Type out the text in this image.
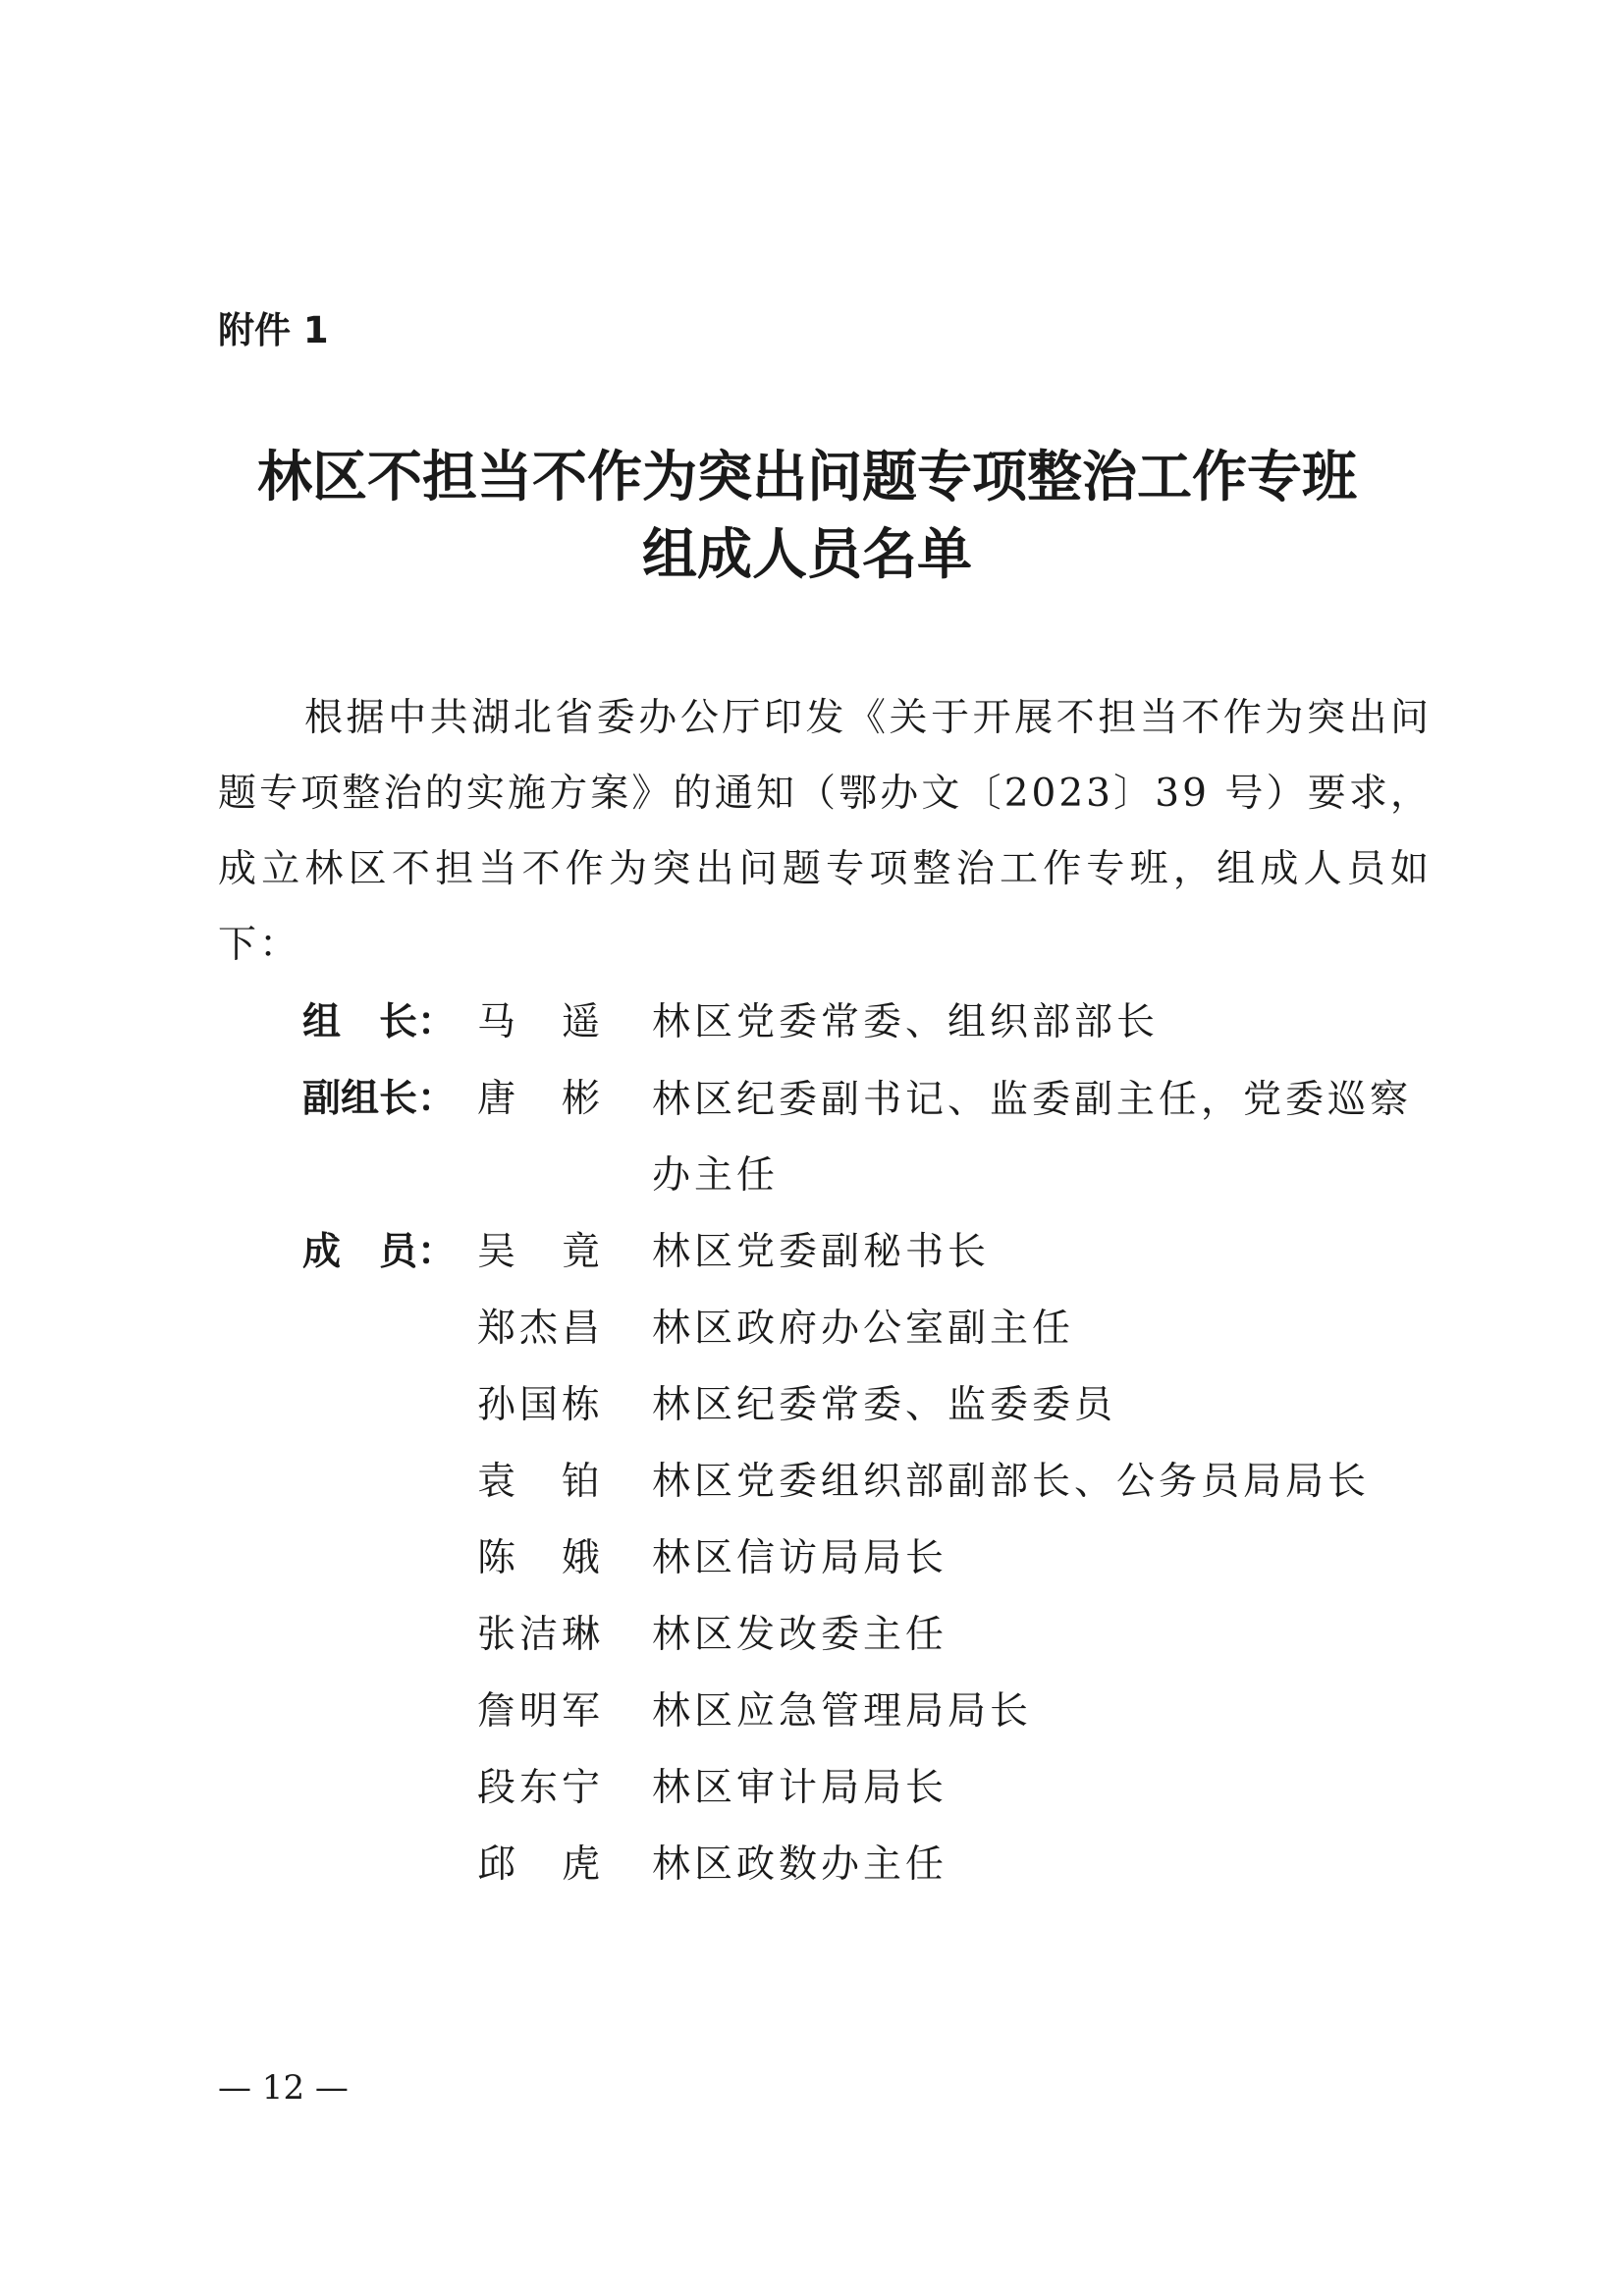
附件 1
林区不担当不作为突出问题专项整治工作专班
组成人员名单
根据中共湖北省委办公厅印发《关于开展不担当不作为突出问题专项整治的实施方案》的通知（鄂办文〔2023〕39 号）要求，成立林区不担当不作为突出问题专项整治工作专班，组成人员如下：
组　长： 马　遥 林区党委常委、组织部部长
副组长： 唐　彬 林区纪委副书记、监委副主任，党委巡察办主任
成　员： 吴　竟 林区党委副秘书长
郑杰昌 林区政府办公室副主任
孙国栋 林区纪委常委、监委委员
袁　铂 林区党委组织部副部长、公务员局局长
陈　娥 林区信访局局长
张洁琳 林区发改委主任
詹明军 林区应急管理局局长
段东宁 林区审计局局长
邱　虎 林区政数办主任
— 12 —
